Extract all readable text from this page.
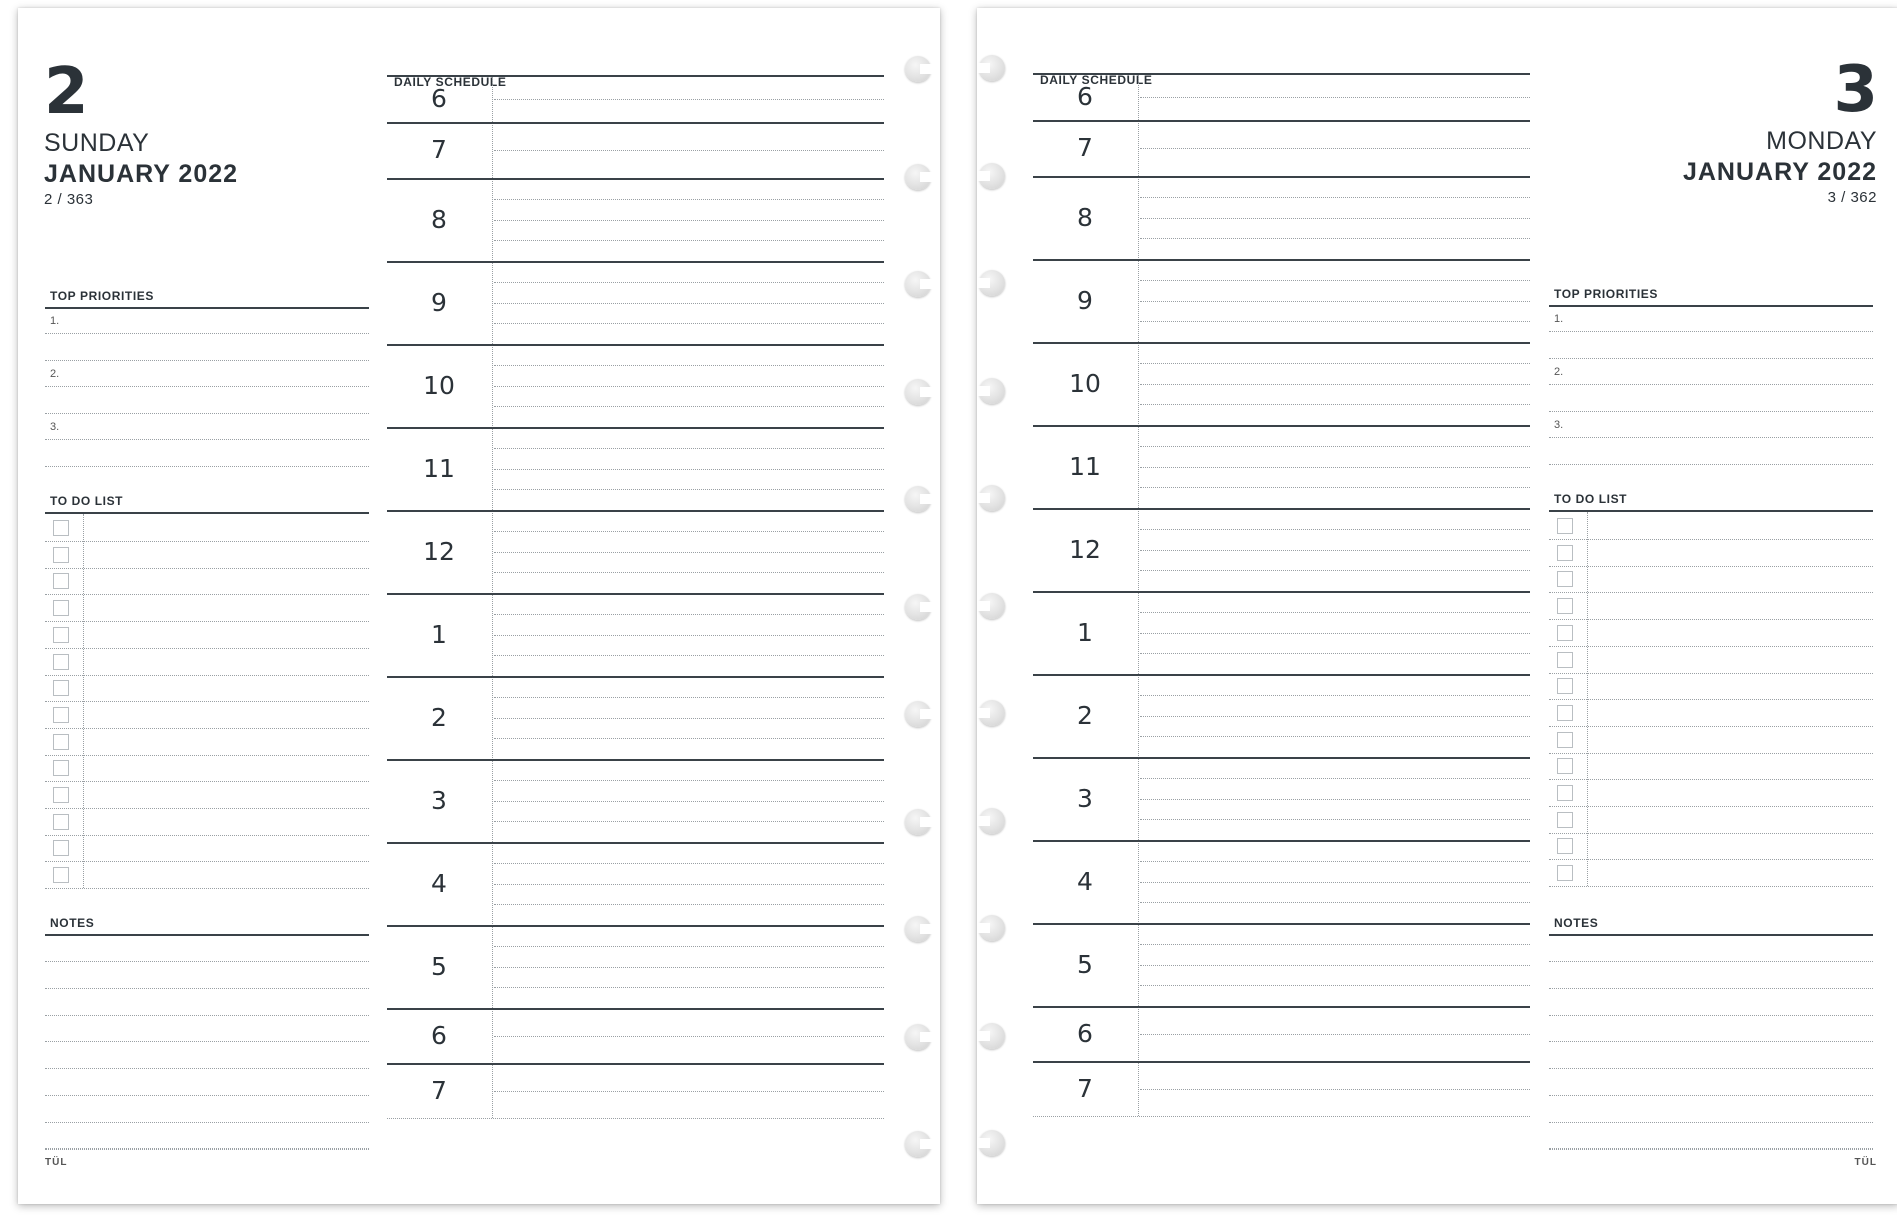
2
SUNDAY
JANUARY 2022
2 / 363
TOP PRIORITIES
1.
2.
3.
TO DO LIST
NOTES
DAILY SCHEDULE
6
7
8
9
10
11
12
1
2
3
4
5
6
7
TÜL
3
MONDAY
JANUARY 2022
3 / 362
TOP PRIORITIES
1.
2.
3.
TO DO LIST
NOTES
DAILY SCHEDULE
6
7
8
9
10
11
12
1
2
3
4
5
6
7
TÜL
